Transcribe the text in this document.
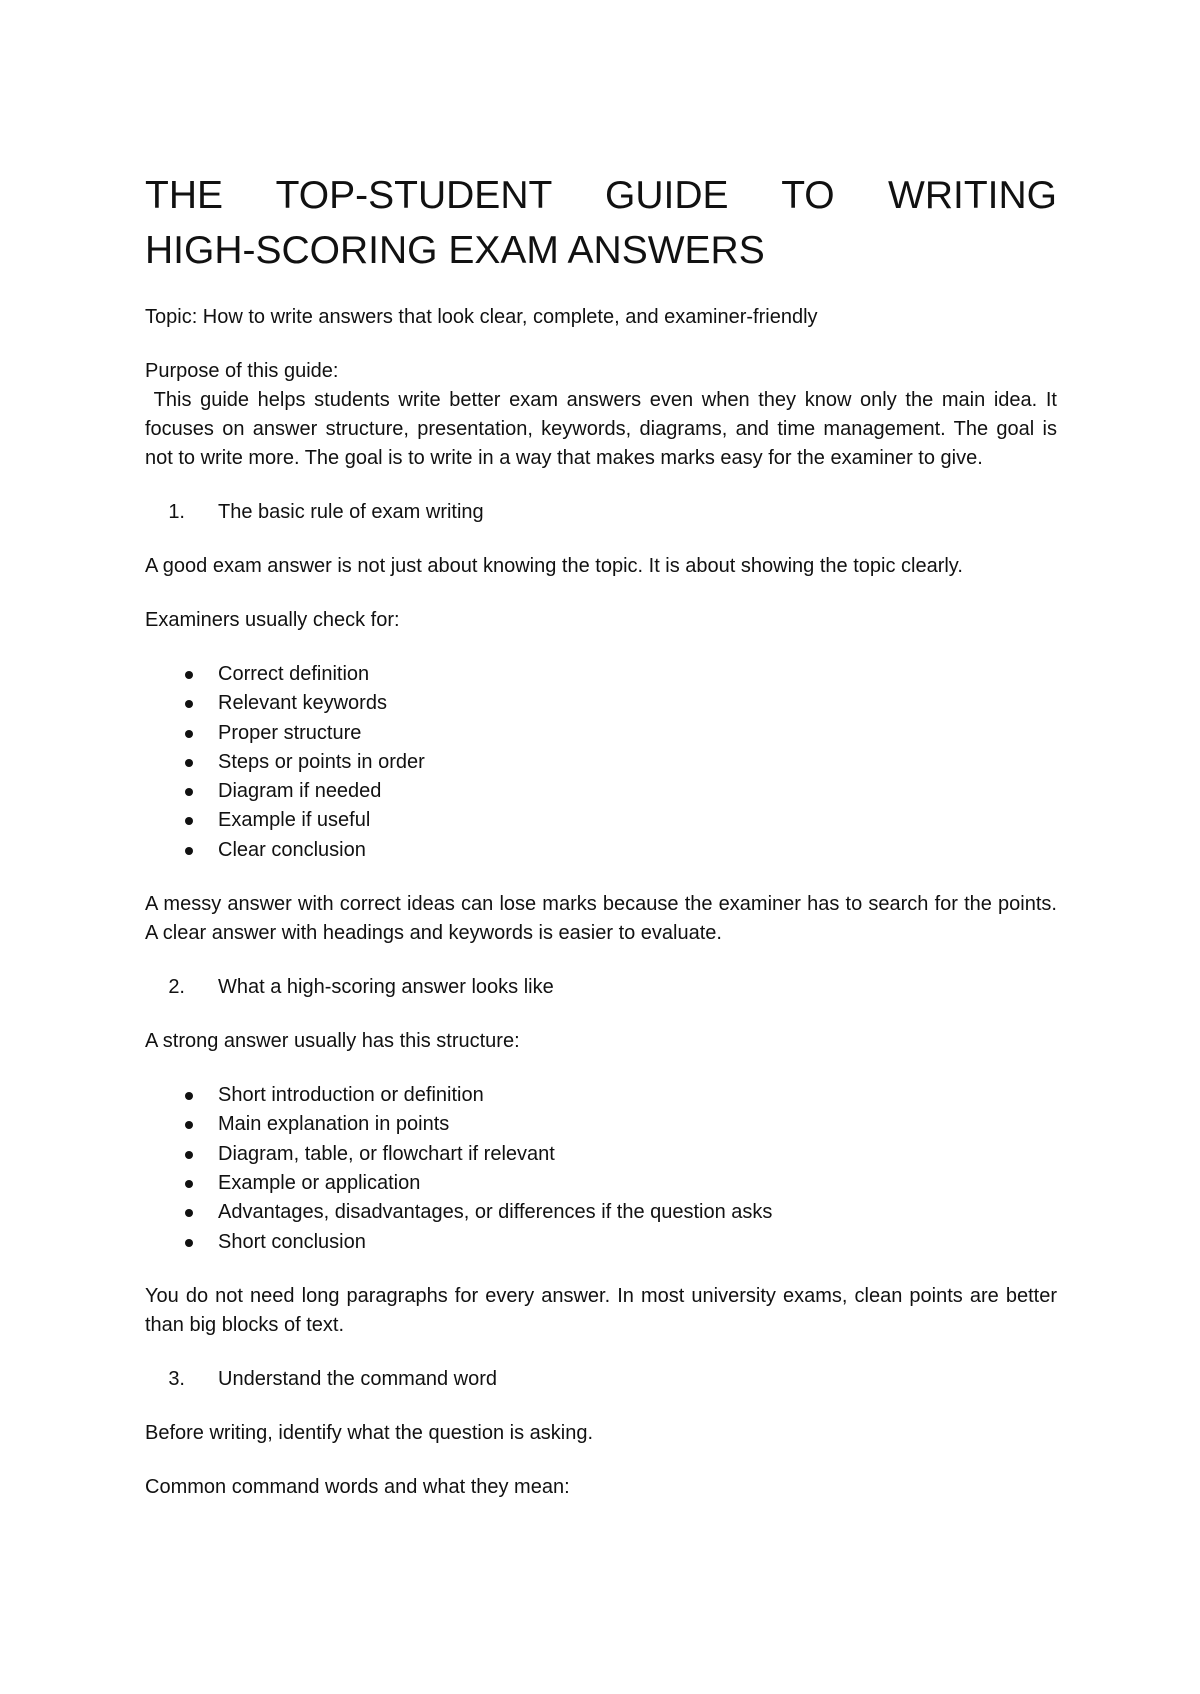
THE TOP-STUDENT GUIDE TO WRITING
HIGH-SCORING EXAM ANSWERS

Topic: How to write answers that look clear, complete, and examiner-friendly

Purpose of this guide:

This guide helps students write better exam answers even when they know only the main idea. It focuses on answer structure, presentation, keywords, diagrams, and time management. The goal is not to write more. The goal is to write in a way that makes marks easy for the examiner to give.

1.	The basic rule of exam writing

A good exam answer is not just about knowing the topic. It is about showing the topic clearly.

Examiners usually check for:

Correct definition
Relevant keywords
Proper structure
Steps or points in order
Diagram if needed
Example if useful
Clear conclusion

A messy answer with correct ideas can lose marks because the examiner has to search for the points. A clear answer with headings and keywords is easier to evaluate.

2.	What a high-scoring answer looks like

A strong answer usually has this structure:

Short introduction or definition
Main explanation in points
Diagram, table, or flowchart if relevant
Example or application
Advantages, disadvantages, or differences if the question asks
Short conclusion

You do not need long paragraphs for every answer. In most university exams, clean points are better than big blocks of text.

3.	Understand the command word

Before writing, identify what the question is asking.

Common command words and what they mean:
